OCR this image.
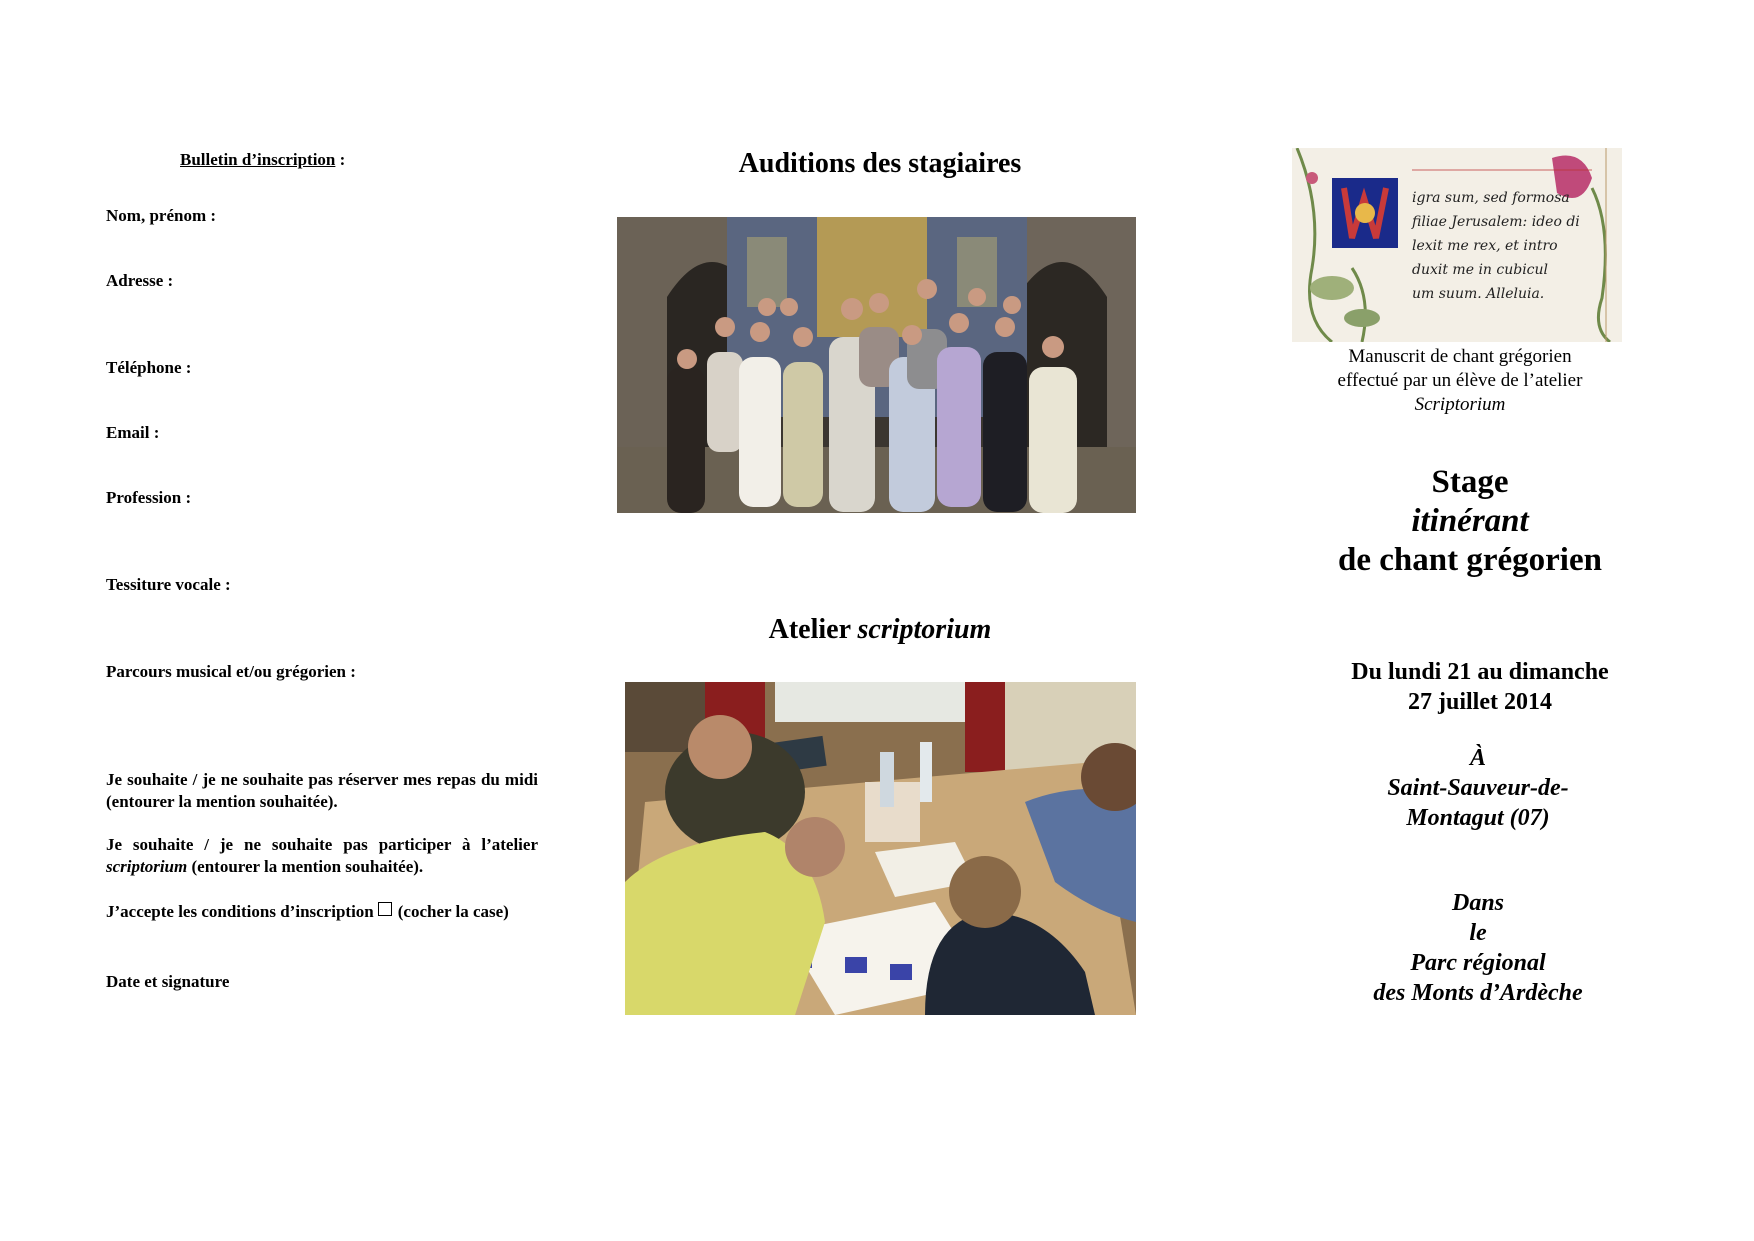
Bulletin d’inscription :
Nom, prénom :
Adresse :
Téléphone :
Email :
Profession :
Tessiture vocale :
Parcours musical et/ou grégorien :
Je souhaite / je ne souhaite pas réserver mes repas du midi (entourer la mention souhaitée).
Je souhaite / je ne souhaite pas participer à l’atelier scriptorium (entourer la mention souhaitée).
J’accepte les conditions d’inscription (cocher la case)
Date et signature
Auditions des stagiaires
Atelier scriptorium
igra sum, sed formosa
filiae Jerusalem: ideo di
lexit me rex, et intro
duxit me in cubicul
um suum. Alleluia.
Manuscrit de chant grégorien
effectué par un élève de l’atelier
Scriptorium
Stage
itinérant
de chant grégorien
Du lundi 21 au dimanche
27 juillet 2014
À
Saint-Sauveur-de-
Montagut (07)
Dans
le
Parc régional
des Monts d’Ardèche
